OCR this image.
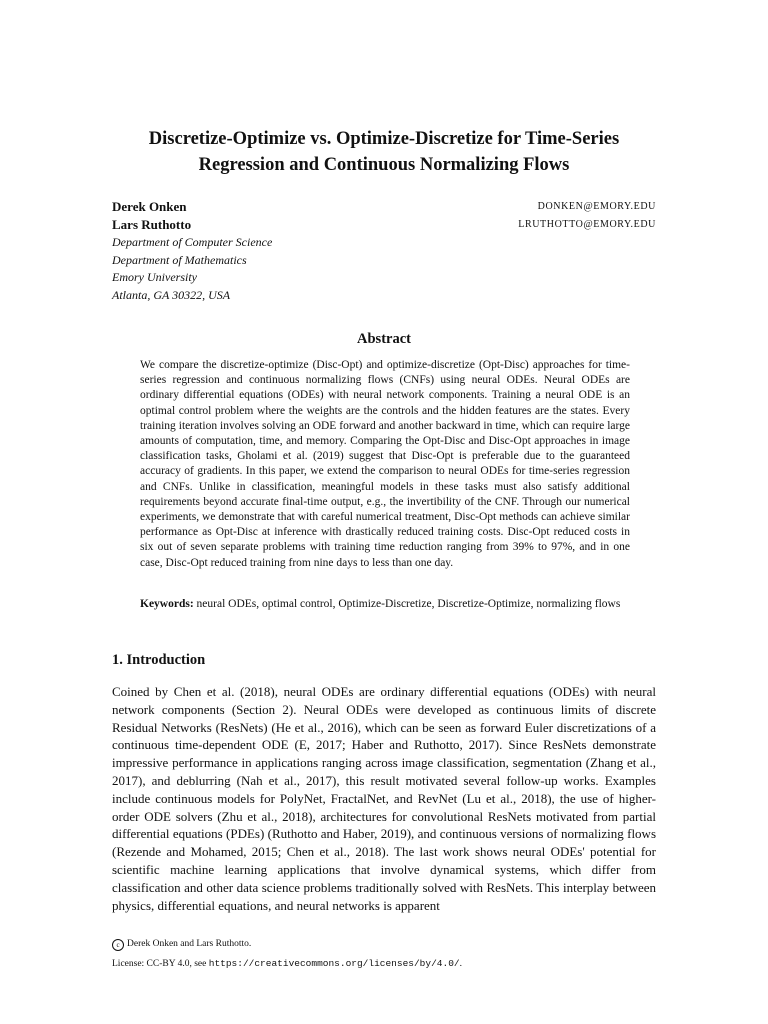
Discretize-Optimize vs. Optimize-Discretize for Time-Series
Regression and Continuous Normalizing Flows
Derek Onken	DONKEN@EMORY.EDU
Lars Ruthotto	LRUTHOTTO@EMORY.EDU
Department of Computer Science
Department of Mathematics
Emory University
Atlanta, GA 30322, USA
Abstract
We compare the discretize-optimize (Disc-Opt) and optimize-discretize (Opt-Disc) approaches for time-series regression and continuous normalizing flows (CNFs) using neural ODEs. Neural ODEs are ordinary differential equations (ODEs) with neural network components. Training a neural ODE is an optimal control problem where the weights are the controls and the hidden features are the states. Every training iteration involves solving an ODE forward and another backward in time, which can require large amounts of computation, time, and memory. Comparing the Opt-Disc and Disc-Opt approaches in image classification tasks, Gholami et al. (2019) suggest that Disc-Opt is preferable due to the guaranteed accuracy of gradients. In this paper, we extend the comparison to neural ODEs for time-series regression and CNFs. Unlike in classification, meaningful models in these tasks must also satisfy additional requirements beyond accurate final-time output, e.g., the invertibility of the CNF. Through our numerical experiments, we demonstrate that with careful numerical treatment, Disc-Opt methods can achieve similar performance as Opt-Disc at inference with drastically reduced training costs. Disc-Opt reduced costs in six out of seven separate problems with training time reduction ranging from 39% to 97%, and in one case, Disc-Opt reduced training from nine days to less than one day.
Keywords: neural ODEs, optimal control, Optimize-Discretize, Discretize-Optimize, normalizing flows
1. Introduction
Coined by Chen et al. (2018), neural ODEs are ordinary differential equations (ODEs) with neural network components (Section 2). Neural ODEs were developed as continuous limits of discrete Residual Networks (ResNets) (He et al., 2016), which can be seen as forward Euler discretizations of a continuous time-dependent ODE (E, 2017; Haber and Ruthotto, 2017). Since ResNets demonstrate impressive performance in applications ranging across image classification, segmentation (Zhang et al., 2017), and deblurring (Nah et al., 2017), this result motivated several follow-up works. Examples include continuous models for PolyNet, FractalNet, and RevNet (Lu et al., 2018), the use of higher-order ODE solvers (Zhu et al., 2018), architectures for convolutional ResNets motivated from partial differential equations (PDEs) (Ruthotto and Haber, 2019), and continuous versions of normalizing flows (Rezende and Mohamed, 2015; Chen et al., 2018). The last work shows neural ODEs' potential for scientific machine learning applications that involve dynamical systems, which differ from classification and other data science problems traditionally solved with ResNets. This interplay between physics, differential equations, and neural networks is apparent
c Derek Onken and Lars Ruthotto.
License: CC-BY 4.0, see https://creativecommons.org/licenses/by/4.0/.
